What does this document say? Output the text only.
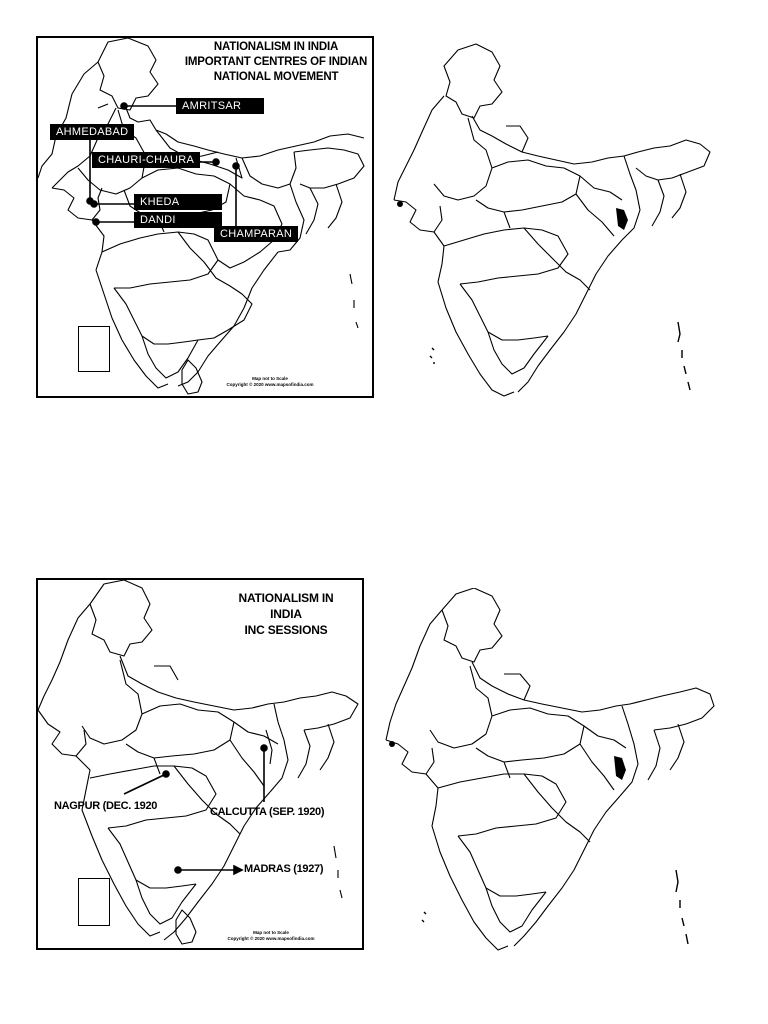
NATIONALISM IN INDIA
IMPORTANT CENTRES OF INDIAN
NATIONAL MOVEMENT
AMRITSAR
AHMEDABAD
CHAURI-CHAURA
KHEDA
DANDI
CHAMPARAN
Map not to Scale
Copyright © 2020 www.mapsofindia.com
NATIONALISM IN
INDIA
INC SESSIONS
NAGPUR (DEC. 1920	CALCUTTA (SEP. 1920)
MADRAS (1927)
Map not to Scale
Copyright © 2020 www.mapsofindia.com
